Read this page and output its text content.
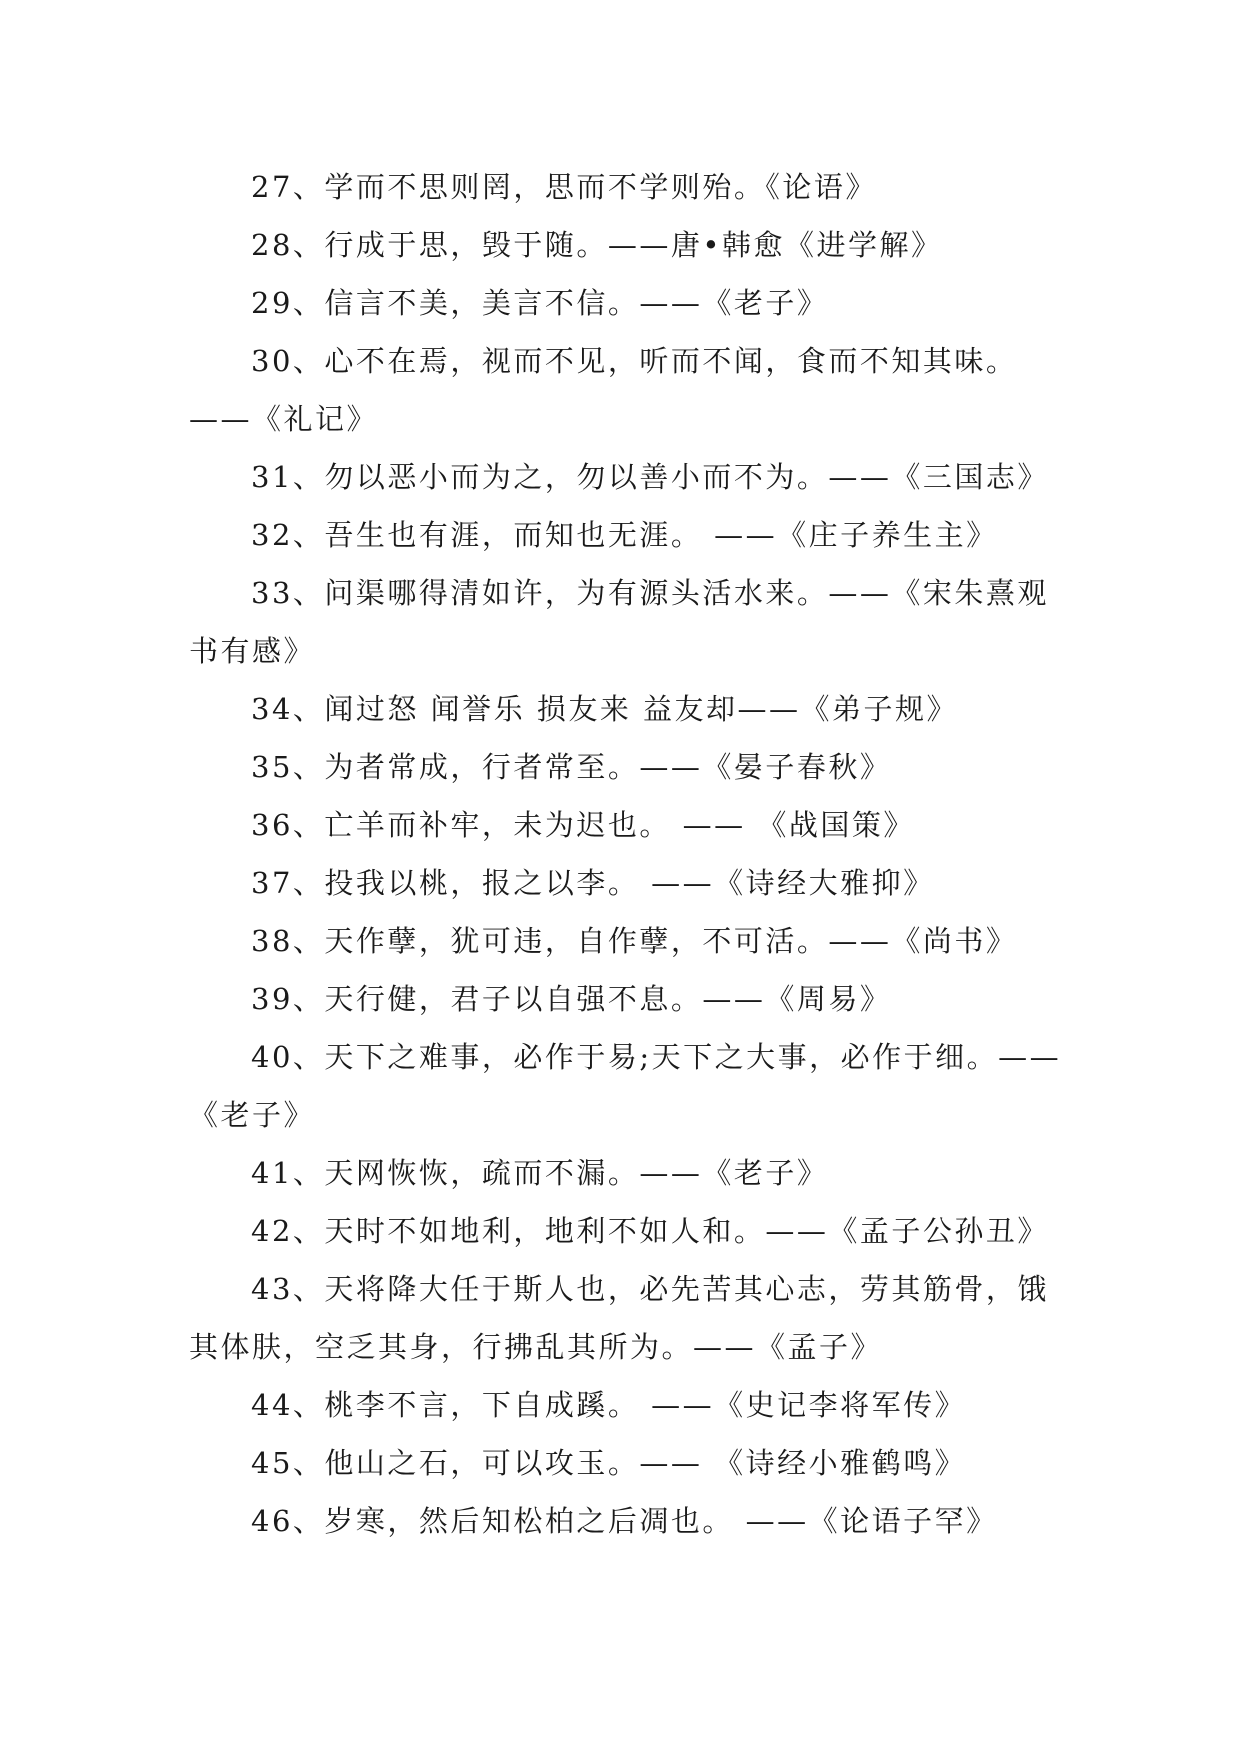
27、学而不思则罔，思而不学则殆。《论语》

28、行成于思，毁于随。——唐•韩愈《进学解》

29、信言不美，美言不信。——《老子》

30、心不在焉，视而不见，听而不闻，食而不知其味。——《礼记》

31、勿以恶小而为之，勿以善小而不为。——《三国志》

32、吾生也有涯，而知也无涯。 ——《庄子养生主》

33、问渠哪得清如许，为有源头活水来。——《宋朱熹观书有感》

34、闻过怒 闻誉乐 损友来 益友却——《弟子规》

35、为者常成，行者常至。——《晏子春秋》

36、亡羊而补牢，未为迟也。 —— 《战国策》

37、投我以桃，报之以李。 ——《诗经大雅抑》

38、天作孽，犹可违，自作孽，不可活。——《尚书》

39、天行健，君子以自强不息。——《周易》

40、天下之难事，必作于易;天下之大事，必作于细。——《老子》

41、天网恢恢，疏而不漏。——《老子》

42、天时不如地利，地利不如人和。——《孟子公孙丑》

43、天将降大任于斯人也，必先苦其心志，劳其筋骨，饿其体肤，空乏其身，行拂乱其所为。——《孟子》

44、桃李不言，下自成蹊。 ——《史记李将军传》

45、他山之石，可以攻玉。—— 《诗经小雅鹤鸣》

46、岁寒，然后知松柏之后凋也。 ——《论语子罕》
